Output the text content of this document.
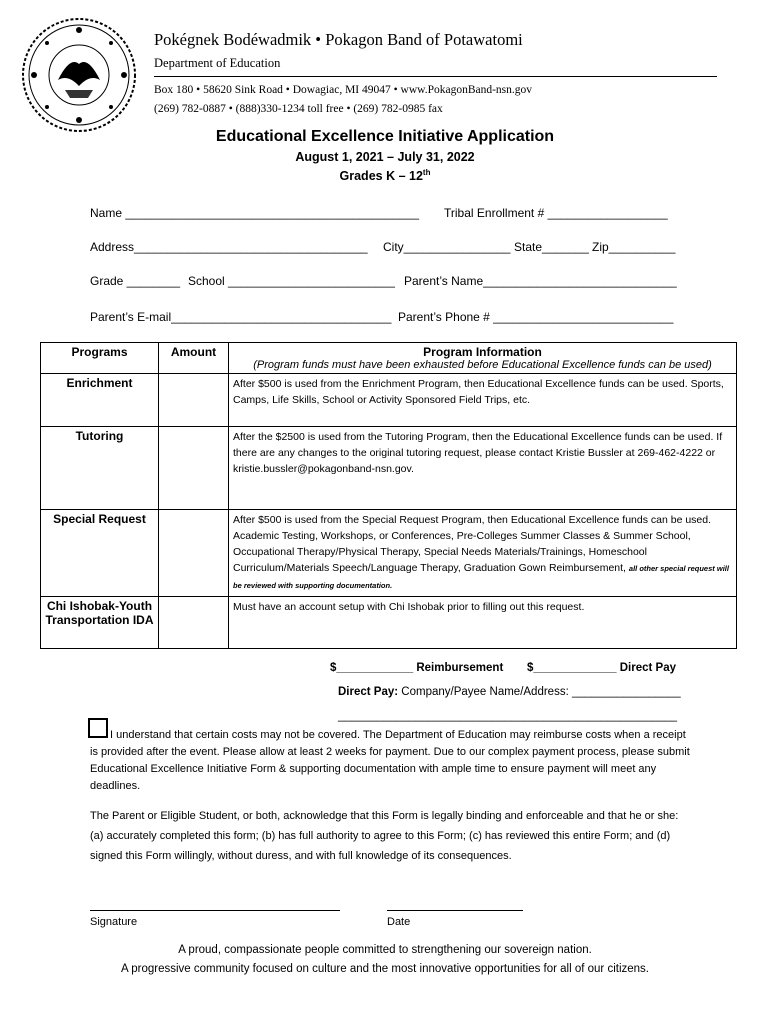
Pokégnek Bodéwadmik • Pokagon Band of Potawatomi
Department of Education
Box 180 • 58620 Sink Road • Dowagiac, MI 49047 • www.PokagonBand-nsn.gov
(269) 782-0887 • (888)330-1234 toll free • (269) 782-0985 fax
Educational Excellence Initiative Application
August 1, 2021 – July 31, 2022
Grades K – 12th
Name ____________________________________________ Tribal Enrollment # __________________
Address___________________________________ City________________ State_______ Zip__________
Grade ________ School _________________________ Parent’s Name_____________________________
Parent’s E-mail_________________________________ Parent’s Phone # ___________________________
Programs	Amount	Program Information
(Program funds must have been exhausted before Educational Excellence funds can be used)

Enrichment		After $500 is used from the Enrichment Program, then Educational Excellence funds can be used. Sports, Camps, Life Skills, School or Activity Sponsored Field Trips, etc.
Tutoring		After the $2500 is used from the Tutoring Program, then the Educational Excellence funds can be used. If there are any changes to the original tutoring request, please contact Kristie Bussler at 269-462-4222 or kristie.bussler@pokagonband-nsn.gov.
Special Request		After $500 is used from the Special Request Program, then Educational Excellence funds can be used. Academic Testing, Workshops, or Conferences, Pre-Colleges Summer Classes & Summer School, Occupational Therapy/Physical Therapy, Special Needs Materials/Trainings, Homeschool Curriculum/Materials Speech/Language Therapy, Graduation Gown Reimbursement, all other special request will be reviewed with supporting documentation.
Chi Ishobak-Youth Transportation IDA		Must have an account setup with Chi Ishobak prior to filling out this request.
$____________ Reimbursement $_____________ Direct Pay
Direct Pay: Company/Payee Name/Address: _________________
_____________________________________________________
I understand that certain costs may not be covered. The Department of Education may reimburse costs when a receipt is provided after the event. Please allow at least 2 weeks for payment. Due to our complex payment process, please submit Educational Excellence Initiative Form & supporting documentation with ample time to ensure payment will meet any deadlines.
The Parent or Eligible Student, or both, acknowledge that this Form is legally binding and enforceable and that he or she: (a) accurately completed this form; (b) has full authority to agree to this Form; (c) has reviewed this entire Form; and (d) signed this Form willingly, without duress, and with full knowledge of its consequences.
Signature	Date
A proud, compassionate people committed to strengthening our sovereign nation.
A progressive community focused on culture and the most innovative opportunities for all of our citizens.
